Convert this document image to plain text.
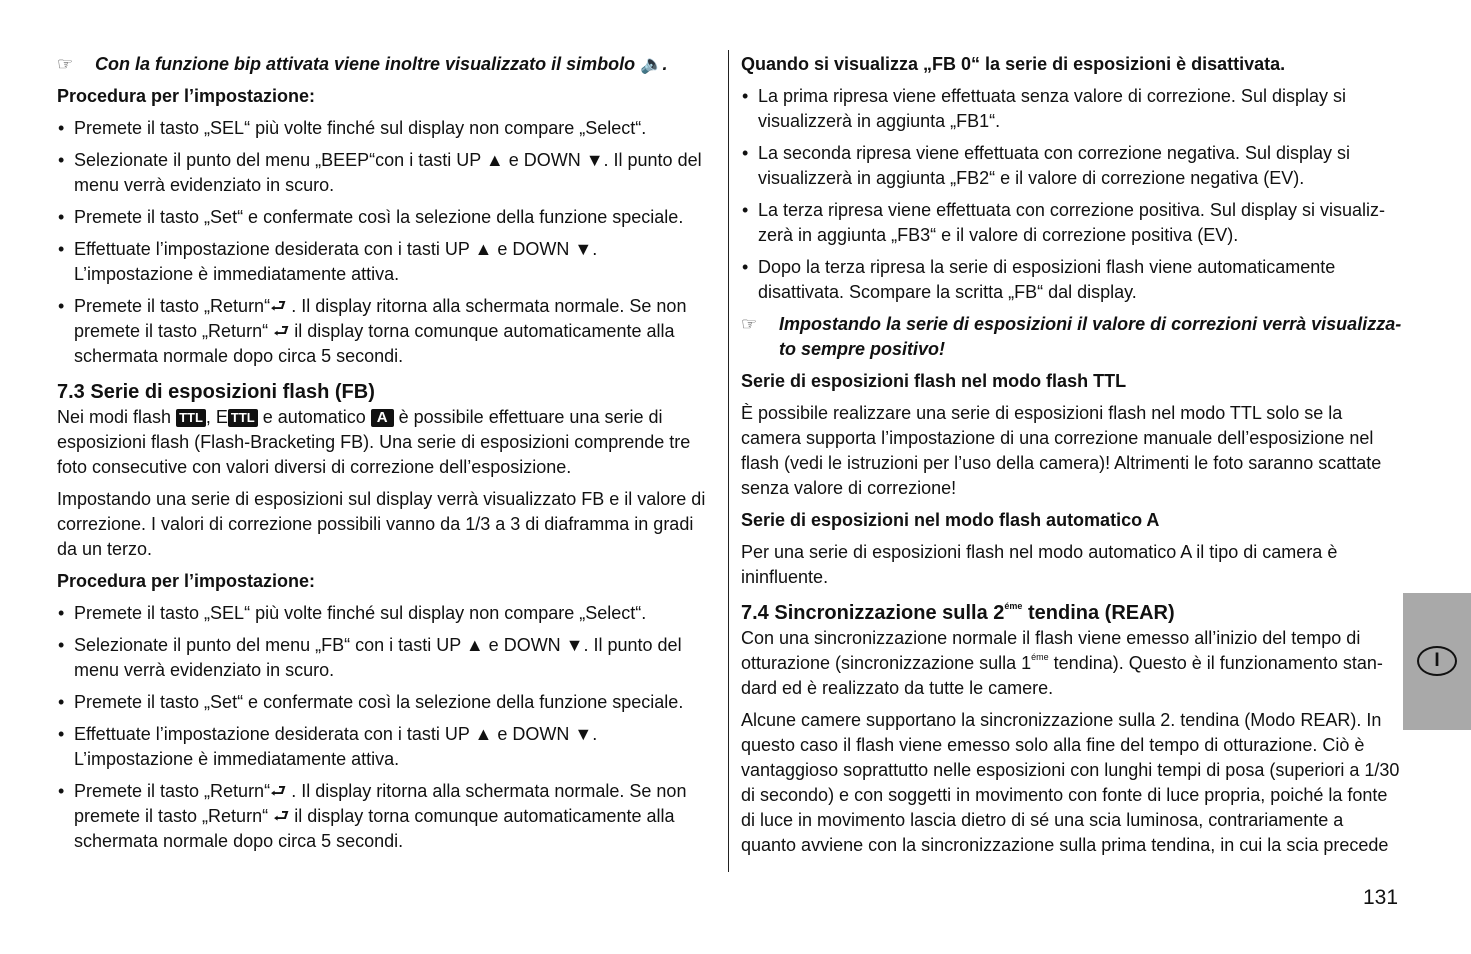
☞	Con la funzione bip attivata viene inoltre visualizzato il simbolo 🔈.

Procedura per l’impostazione:

• Premete il tasto „SEL“ più volte finché sul display non compare „Select“.
• Selezionate il punto del menu „BEEP“con i tasti UP ▲ e DOWN ▼. Il punto del menu verrà evidenziato in scuro.
• Premete il tasto „Set“ e confermate così la selezione della funzione speciale.
• Effettuate l’impostazione desiderata con i tasti UP ▲ e DOWN ▼. L’impostazione è immediatamente attiva.
• Premete il tasto „Return“⮐ . Il display ritorna alla schermata normale. Se non premete il tasto „Return“ ⮐ il display torna comunque automaticamente alla schermata normale dopo circa 5 secondi.

7.3 Serie di esposizioni flash (FB)

Nei modi flash TTL , E TTL e automatico A è possibile effettuare una serie di esposizioni flash (Flash-Bracketing FB). Una serie di esposizioni comprende tre foto consecutive con valori diversi di correzione dell’esposizione.

Impostando una serie di esposizioni sul display verrà visualizzato FB e il valore di correzione. I valori di correzione possibili vanno da 1/3 a 3 di diaframma in gradi da un terzo.

Procedura per l’impostazione:

• Premete il tasto „SEL“ più volte finché sul display non compare „Select“.
• Selezionate il punto del menu „FB“ con i tasti UP ▲ e DOWN ▼. Il punto del menu verrà evidenziato in scuro.
• Premete il tasto „Set“ e confermate così la selezione della funzione speciale.
• Effettuate l’impostazione desiderata con i tasti UP ▲ e DOWN ▼. L’impostazione è immediatamente attiva.
• Premete il tasto „Return“⮐ . Il display ritorna alla schermata normale. Se non premete il tasto „Return“ ⮐ il display torna comunque automaticamente alla schermata normale dopo circa 5 secondi.

Quando si visualizza „FB 0“ la serie di esposizioni è disattivata.

• La prima ripresa viene effettuata senza valore di correzione. Sul display si visualizzerà in aggiunta „FB1“.
• La seconda ripresa viene effettuata con correzione negativa. Sul display si visualizzerà in aggiunta „FB2“ e il valore di correzione negativa (EV).
• La terza ripresa viene effettuata con correzione positiva. Sul display si visualiz-zerà in aggiunta „FB3“ e il valore di correzione positiva (EV).
• Dopo la terza ripresa la serie di esposizioni flash viene automaticamente disattivata. Scompare la scritta „FB“ dal display.

☞	Impostando la serie di esposizioni il valore di correzioni verrà visualizza-to sempre positivo!

Serie di esposizioni flash nel modo flash TTL

È possibile realizzare una serie di esposizioni flash nel modo TTL solo se la camera supporta l’impostazione di una correzione manuale dell’esposizione nel flash (vedi le istruzioni per l’uso della camera)! Altrimenti le foto saranno scattate senza valore di correzione!

Serie di esposizioni nel modo flash automatico A

Per una serie di esposizioni flash nel modo automatico A il tipo di camera è ininfluente.

7.4 Sincronizzazione sulla $2^{éme}$ tendina (REAR)

Con una sincronizzazione normale il flash viene emesso all’inizio del tempo di otturazione (sincronizzazione sulla $1^{éme}$ tendina). Questo è il funzionamento stan-dard ed è realizzato da tutte le camere.

Alcune camere supportano la sincronizzazione sulla 2. tendina (Modo REAR). In questo caso il flash viene emesso solo alla fine del tempo di otturazione. Ciò è vantaggioso soprattutto nelle esposizioni con lunghi tempi di posa (superiori a 1/30 di secondo) e con soggetti in movimento con fonte di luce propria, poiché la fonte di luce in movimento lascia dietro di sé una scia luminosa, contrariamente a quanto avviene con la sincronizzazione sulla prima tendina, in cui la scia precede

I
131
